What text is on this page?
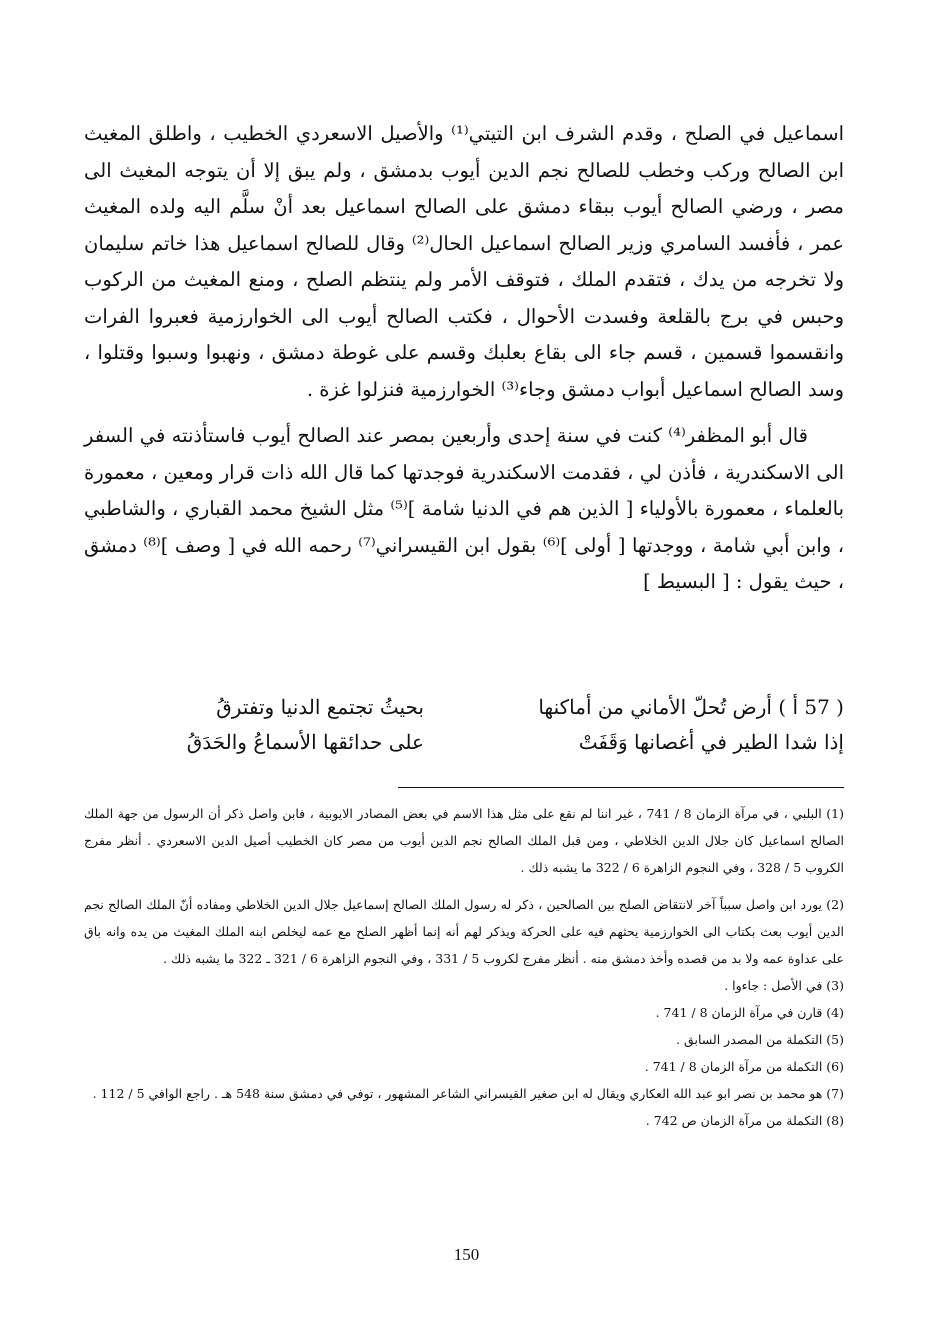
اسماعيل في الصلح ، وقدم الشرف ابن التيتي⁽¹⁾ والأصيل الاسعردي الخطيب ، واطلق المغيث ابن الصالح وركب وخطب للصالح نجم الدين أيوب بدمشق ، ولم يبق إلا أن يتوجه المغيث الى مصر ، ورضي الصالح أيوب ببقاء دمشق على الصالح اسماعيل بعد أنْ سلَّم اليه ولده المغيث عمر ، فأفسد السامري وزير الصالح اسماعيل الحال⁽²⁾ وقال للصالح اسماعيل هذا خاتم سليمان ولا تخرجه من يدك ، فتقدم الملك ، فتوقف الأمر ولم ينتظم الصلح ، ومنع المغيث من الركوب وحبس في برج بالقلعة وفسدت الأحوال ، فكتب الصالح أيوب الى الخوارزمية فعبروا الفرات وانقسموا قسمين ، قسم جاء الى بقاع بعلبك وقسم على غوطة دمشق ، ونهبوا وسبوا وقتلوا ، وسد الصالح اسماعيل أبواب دمشق وجاء⁽³⁾ الخوارزمية فنزلوا غزة .

قال أبو المظفر⁽⁴⁾ كنت في سنة إحدى وأربعين بمصر عند الصالح أيوب فاستأذنته في السفر الى الاسكندرية ، فأذن لي ، فقدمت الاسكندرية فوجدتها كما قال الله ذات قرار ومعين ، معمورة بالعلماء ، معمورة بالأولياء [ الذين هم في الدنيا شامة ]⁽⁵⁾ مثل الشيخ محمد القباري ، والشاطبي ، وابن أبي شامة ، ووجدتها [ أولى ]⁽⁶⁾ بقول ابن القيسراني⁽⁷⁾ رحمه الله في [ وصف ]⁽⁸⁾ دمشق ، حيث يقول : [ البسيط ]

( 57 أ ) أرض تُحلّ الأماني من أماكنها
بحيثُ تجتمع الدنيا وتفترقُ
إذا شدا الطير في أغصانها وَقَفَتْ
على حدائقها الأسماعُ والحَدَقُ

(1) البلبي ، في مرآة الزمان 8 / 741 ، غير اننا لم نقع على مثل هذا الاسم في بعض المصادر الايوبية ، فابن واصل ذكر أن الرسول من جهة الملك الصالح اسماعيل كان جلال الدين الخلاطي ، ومن قبل الملك الصالح نجم الدين أيوب من مصر كان الخطيب أصيل الدين الاسعردي . أنظر مفرج الكروب 5 / 328 ، وفي النجوم الزاهرة 6 / 322 ما يشبه ذلك .

(2) يورد ابن واصل سبباً آخر لانتقاض الصلح بين الصالحين ، ذكر له رسول الملك الصالح إسماعيل جلال الدين الخلاطي ومفاده أنّ الملك الصالح نجم الدين أيوب بعث بكتاب الى الخوارزمية يحثهم فيه على الحركة ويذكر لهم أنه إنما أظهر الصلح مع عمه ليخلص ابنه الملك المغيث من يده وانه باق على عداوة عمه ولا بد من قصده وأخذ دمشق منه . أنظر مفرج لكروب 5 / 331 ، وفي النجوم الزاهرة 6 / 321 ـ 322 ما يشبه ذلك .

(3) في الأصل : جاءوا .

(4) قارن في مرآة الزمان 8 / 741 .

(5) التكملة من المصدر السابق .

(6) التكملة من مرآة الزمان 8 / 741 .

(7) هو محمد بن نصر ابو عبد الله العكاري ويقال له ابن صغير القيسراني الشاعر المشهور ، توفي في دمشق سنة 548 هـ . راجع الوافي 5 / 112 .

(8) التكملة من مرآة الزمان ص 742 .

150
